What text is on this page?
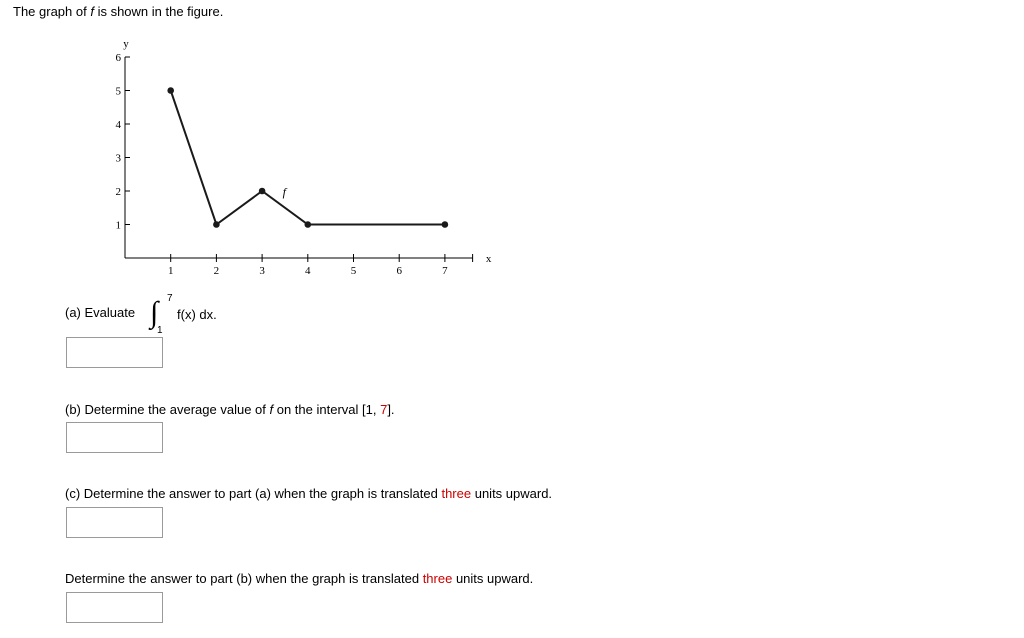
The graph of f is shown in the figure.
1	2	3	4	5	6	7
1
2
3
4
5
6
x
y
f
(a) Evaluate ∫ 7
1
f(x) dx.
(b) Determine the average value of f on the interval [1, 7].
(c) Determine the answer to part (a) when the graph is translated three units upward.
Determine the answer to part (b) when the graph is translated three units upward.
